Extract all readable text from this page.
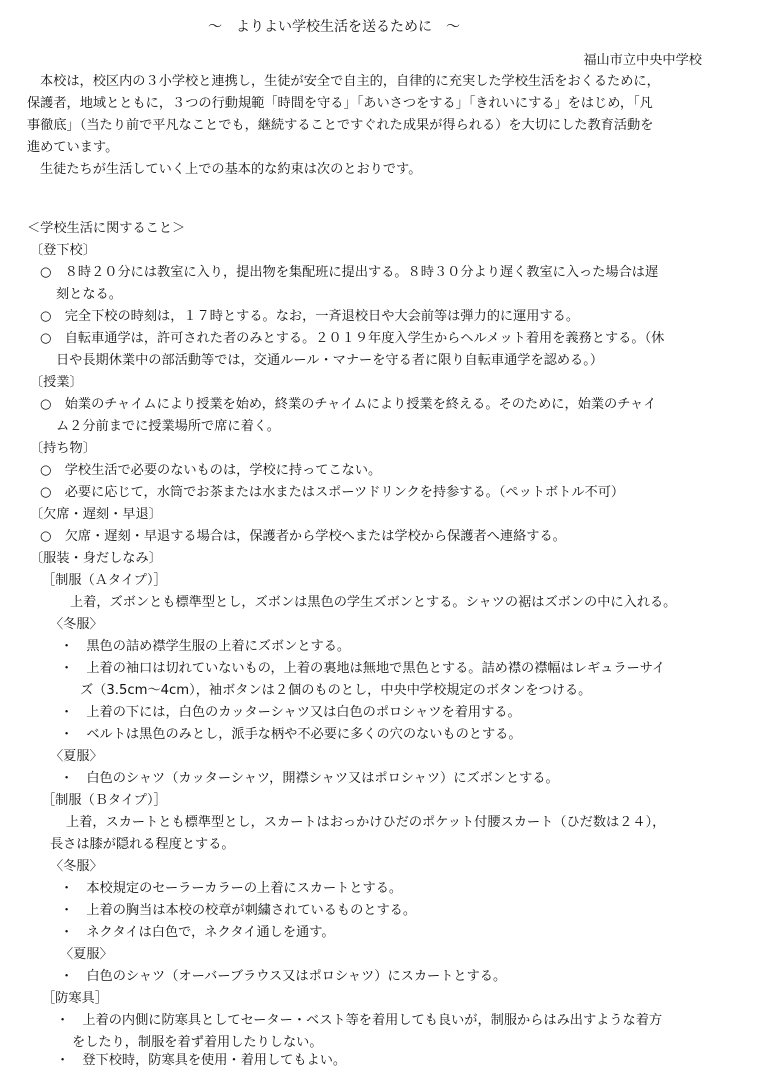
〜　よりよい学校生活を送るために　〜
福山市立中央中学校
本校は，校区内の３小学校と連携し，生徒が安全で自主的，自律的に充実した学校生活をおくるために，
保護者，地域とともに，３つの行動規範「時間を守る」「あいさつをする」「きれいにする」をはじめ，「凡
事徹底」（当たり前で平凡なことでも，継続することですぐれた成果が得られる）を大切にした教育活動を
進めています。
生徒たちが生活していく上での基本的な約束は次のとおりです。
＜学校生活に関すること＞
〔登下校〕
○　８時２０分には教室に入り，提出物を集配班に提出する。８時３０分より遅く教室に入った場合は遅
刻となる。
○　完全下校の時刻は，１７時とする。なお，一斉退校日や大会前等は弾力的に運用する。
○　自転車通学は，許可された者のみとする。２０１９年度入学生からヘルメット着用を義務とする。（休
日や長期休業中の部活動等では，交通ルール・マナーを守る者に限り自転車通学を認める。）
〔授業〕
○　始業のチャイムにより授業を始め，終業のチャイムにより授業を終える。そのために，始業のチャイ
ム２分前までに授業場所で席に着く。
〔持ち物〕
○　学校生活で必要のないものは，学校に持ってこない。
○　必要に応じて，水筒でお茶または水またはスポーツドリンクを持参する。（ペットボトル不可）
〔欠席・遅刻・早退〕
○　欠席・遅刻・早退する場合は，保護者から学校へまたは学校から保護者へ連絡する。
〔服装・身だしなみ〕
［制服（Ａタイプ）］
上着，ズボンとも標準型とし，ズボンは黒色の学生ズボンとする。シャツの裾はズボンの中に入れる。
〈冬服〉
・　黒色の詰め襟学生服の上着にズボンとする。
・　上着の袖口は切れていないもの，上着の裏地は無地で黒色とする。詰め襟の襟幅はレギュラーサイ
ズ（3.5cm〜4cm），袖ボタンは２個のものとし，中央中学校規定のボタンをつける。
・　上着の下には，白色のカッターシャツ又は白色のポロシャツを着用する。
・　ベルトは黒色のみとし，派手な柄や不必要に多くの穴のないものとする。
〈夏服〉
・　白色のシャツ（カッターシャツ，開襟シャツ又はポロシャツ）にズボンとする。
［制服（Ｂタイプ）］
上着，スカートとも標準型とし，スカートはおっかけひだのポケット付腰スカート（ひだ数は２４），
長さは膝が隠れる程度とする。
〈冬服〉
・　本校規定のセーラーカラーの上着にスカートとする。
・　上着の胸当は本校の校章が刺繍されているものとする。
・　ネクタイは白色で，ネクタイ通しを通す。
〈夏服〉
・　白色のシャツ（オーバーブラウス又はポロシャツ）にスカートとする。
［防寒具］
・　上着の内側に防寒具としてセーター・ベスト等を着用しても良いが，制服からはみ出すような着方
をしたり，制服を着ず着用したりしない。
・　登下校時，防寒具を使用・着用してもよい。
